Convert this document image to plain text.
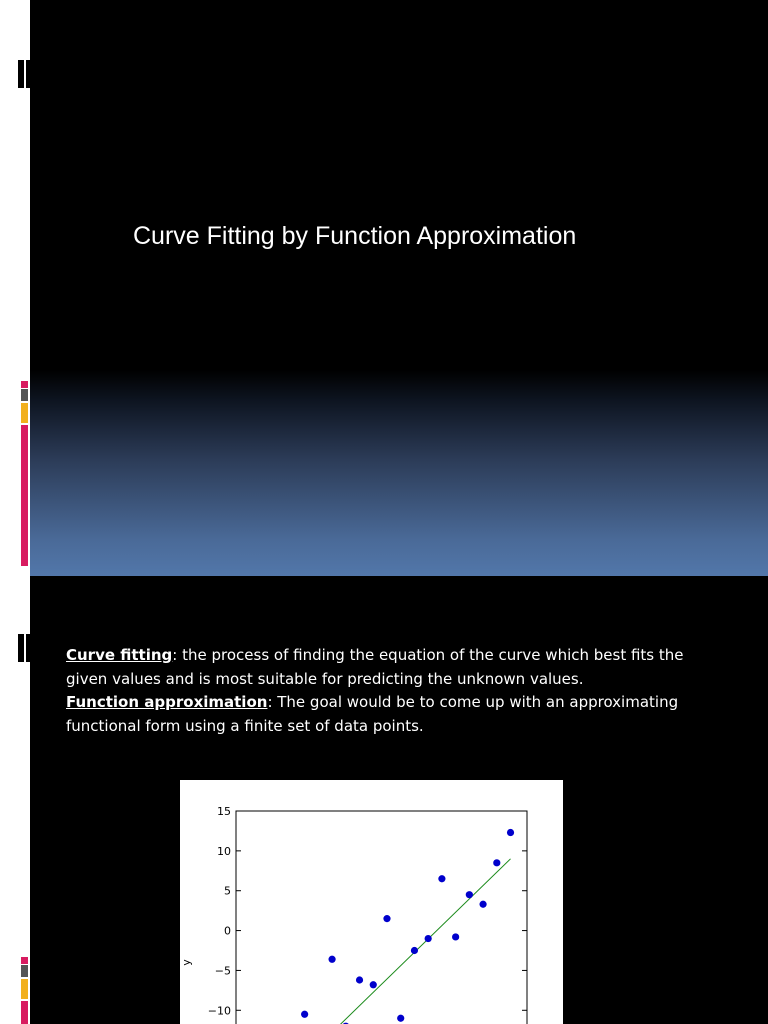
Curve Fitting by Function Approximation
Curve fitting: the process of finding the equation of the curve which best fits the given values and is most suitable for predicting the unknown values.
Function approximation: The goal would be to come up with an approximating functional form using a finite set of data points.
15
10
5
0
−5
−10
y
